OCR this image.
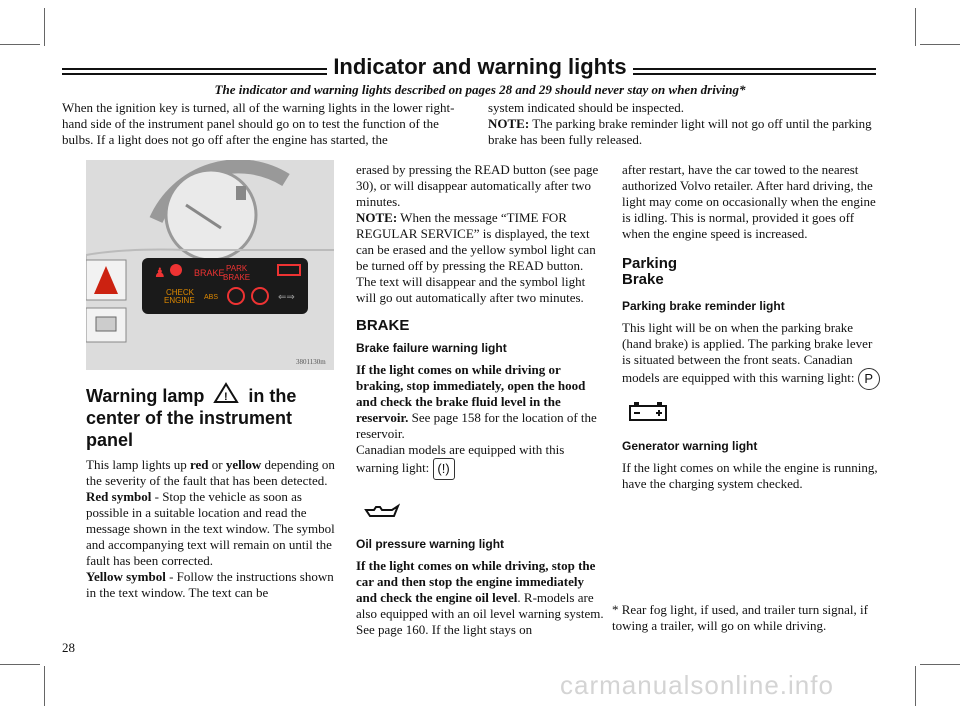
Indicator and warning lights
The indicator and warning lights described on pages 28 and 29 should never stay on when driving*

When the ignition key is turned, all of the warning lights in the lower right-hand side of the instrument panel should go on to test the function of the bulbs. If a light does not go off after the engine has started, the

system indicated should be inspected.

NOTE: The parking brake reminder light will not go off until the parking brake has been fully released.

♟	BRAKE PARK
BRAKE
CHECK
ENGINE ABS	⇐⇒
3801130m
Warning lamp ! in the
center of the instrument
panel

This lamp lights up red or yellow depending on the severity of the fault that has been detected.

Red symbol - Stop the vehicle as soon as possible in a suitable location and read the message shown in the text window. The symbol and accompanying text will remain on until the fault has been corrected.

Yellow symbol - Follow the instructions shown in the text window. The text can be

erased by pressing the READ button (see page 30), or will disappear automatically after two minutes.

NOTE: When the message “TIME FOR REGULAR SERVICE” is displayed, the text can be erased and the yellow symbol light can be turned off by pressing the READ button. The text will disappear and the symbol light will go out automatically after two minutes.

BRAKE
Brake failure warning light

If the light comes on while driving or braking, stop immediately, open the hood and check the brake fluid level in the reservoir. See page 158 for the location of the reservoir.

Canadian models are equipped with this warning light: (!)

Oil pressure warning light

If the light comes on while driving, stop the car and then stop the engine immediately and check the engine oil level. R-models are also equipped with an oil level warning system. See page 160. If the light stays on

after restart, have the car towed to the nearest authorized Volvo retailer. After hard driving, the light may come on occasionally when the engine is idling. This is normal, provided it goes off when the engine speed is increased.

Parking
Brake
Parking brake reminder light

This light will be on when the parking brake (hand brake) is applied. The parking brake lever is situated between the front seats. Canadian models are equipped with this warning light: P

Generator warning light

If the light comes on while the engine is running, have the charging system checked.

* Rear fog light, if used, and trailer turn signal, if towing a trailer, will go on while driving.
28
carmanualsonline.info
